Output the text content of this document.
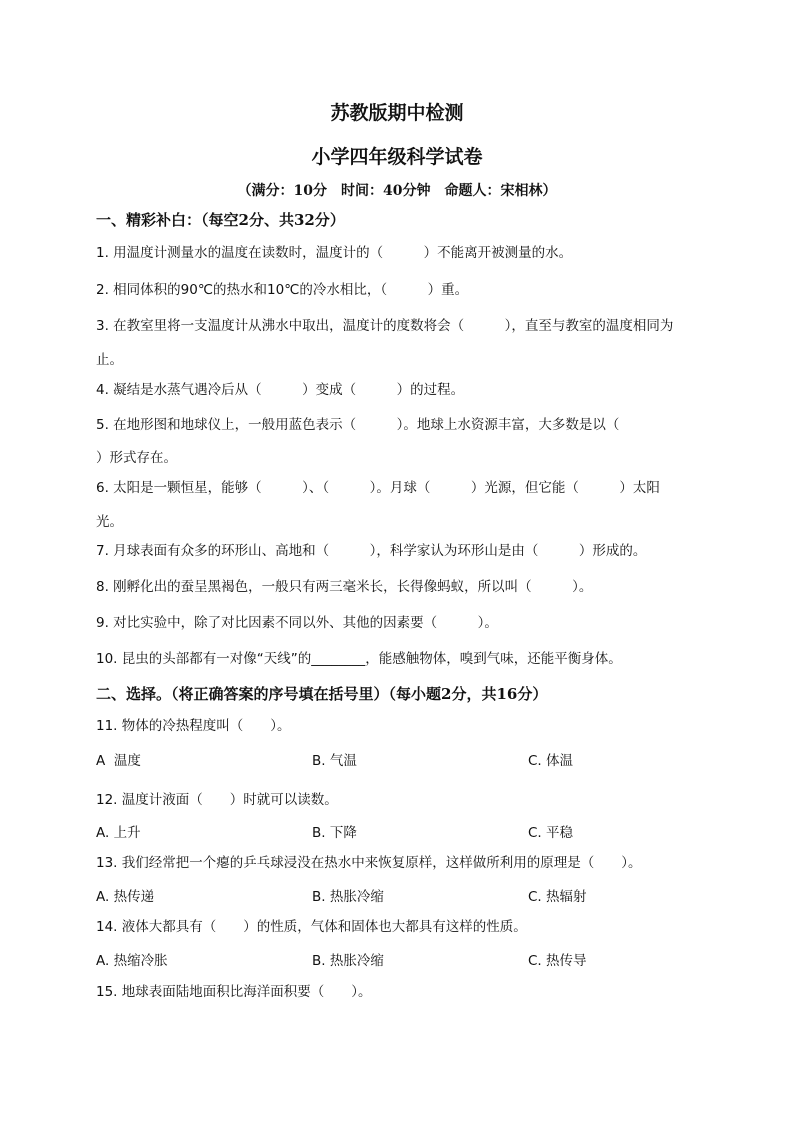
苏教版期中检测
小学四年级科学试卷
（满分：10分　时间：40分钟　命题人：宋相林）
一、精彩补白：（每空2分、共32分）
1. 用温度计测量水的温度在读数时，温度计的（　　　）不能离开被测量的水。
2. 相同体积的90℃的热水和10℃的冷水相比，（　　　）重。
3. 在教室里将一支温度计从沸水中取出，温度计的度数将会（　　　），直至与教室的温度相同为
止。
4. 凝结是水蒸气遇冷后从（　　　）变成（　　　）的过程。
5. 在地形图和地球仪上，一般用蓝色表示（　　　）。地球上水资源丰富，大多数是以（
）形式存在。
6. 太阳是一颗恒星，能够（　　　）、（　　　）。月球（　　　）光源，但它能（　　　）太阳
光。
7. 月球表面有众多的环形山、高地和（　　　），科学家认为环形山是由（　　　）形成的。
8. 刚孵化出的蚕呈黑褐色，一般只有两三毫米长，长得像蚂蚁，所以叫（　　　）。
9. 对比实验中，除了对比因素不同以外、其他的因素要（　　　）。
10. 昆虫的头部都有一对像“天线”的________，能感触物体，嗅到气味，还能平衡身体。
二、选择。（将正确答案的序号填在括号里）（每小题2分，共16分）
11. 物体的冷热程度叫（　　）。
A  温度	B. 气温	C. 体温
12. 温度计液面（　　）时就可以读数。
A. 上升	B. 下降	C. 平稳
13. 我们经常把一个瘪的乒乓球浸没在热水中来恢复原样，这样做所利用的原理是（　　）。
A. 热传递	B. 热胀冷缩	C. 热辐射
14. 液体大都具有（　　）的性质，气体和固体也大都具有这样的性质。
A. 热缩冷胀	B. 热胀冷缩	C. 热传导
15. 地球表面陆地面积比海洋面积要（　　）。
